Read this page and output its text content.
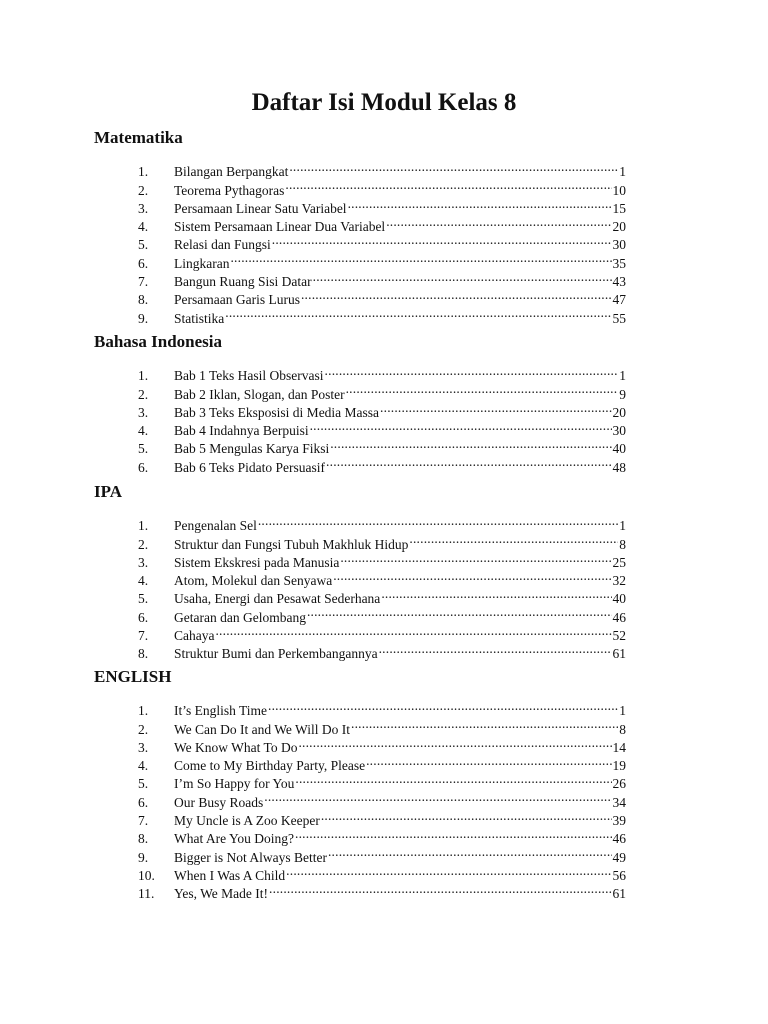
Daftar Isi Modul Kelas 8
Matematika
1.	Bilangan Berpangkat .....	1
2.	Teorema Pythagoras .....	10
3.	Persamaan Linear Satu Variabel .....	15
4.	Sistem Persamaan Linear Dua Variabel .....	20
5.	Relasi dan Fungsi .....	30
6.	Lingkaran .....	35
7.	Bangun Ruang Sisi Datar .....	43
8.	Persamaan Garis Lurus .....	47
9.	Statistika .....	55
Bahasa Indonesia
1.	Bab 1 Teks Hasil Observasi .....	1
2.	Bab 2 Iklan, Slogan, dan Poster .....	9
3.	Bab 3 Teks Eksposisi di Media Massa .....	20
4.	Bab 4 Indahnya Berpuisi .....	30
5.	Bab 5 Mengulas Karya Fiksi .....	40
6.	Bab 6 Teks Pidato Persuasif .....	48
IPA
1.	Pengenalan Sel .....	1
2.	Struktur dan Fungsi Tubuh Makhluk Hidup .....	8
3.	Sistem Ekskresi pada Manusia .....	25
4.	Atom, Molekul dan Senyawa .....	32
5.	Usaha, Energi dan Pesawat Sederhana .....	40
6.	Getaran dan Gelombang .....	46
7.	Cahaya .....	52
8.	Struktur Bumi dan Perkembangannya .....	61
ENGLISH
1.	It’s English Time .....	1
2.	We Can Do It and We Will Do It .....	8
3.	We Know What To Do .....	14
4.	Come to My Birthday Party, Please .....	19
5.	I’m So Happy for You .....	26
6.	Our Busy Roads .....	34
7.	My Uncle is A Zoo Keeper .....	39
8.	What Are You Doing? .....	46
9.	Bigger is Not Always Better .....	49
10.	When I Was A Child .....	56
11.	Yes, We Made It! .....	61
